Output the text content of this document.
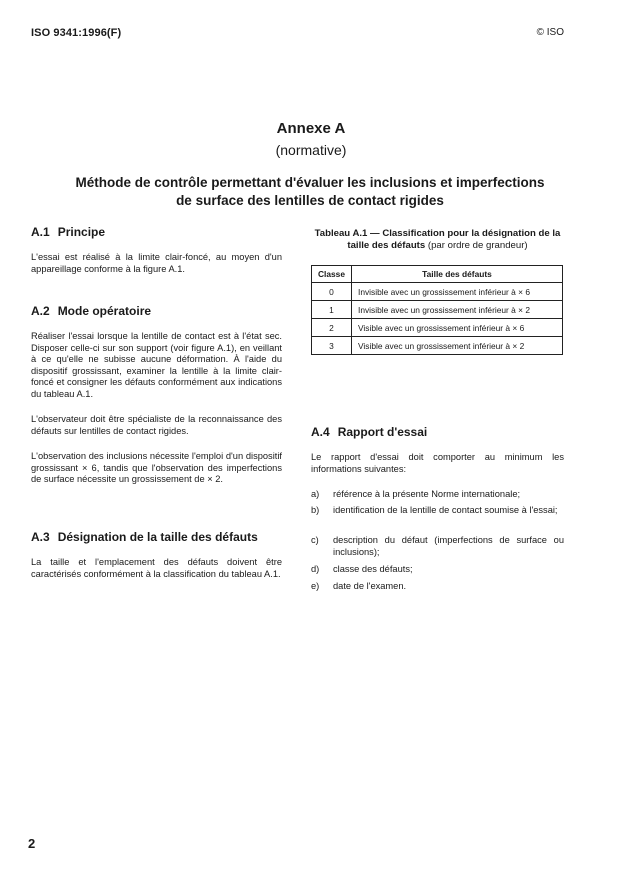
ISO 9341:1996(F)	© ISO
Annexe A
(normative)
Méthode de contrôle permettant d'évaluer les inclusions et imperfections
de surface des lentilles de contact rigides
A.1 Principe
L'essai est réalisé à la limite clair-foncé, au moyen d'un appareillage conforme à la figure A.1.
A.2 Mode opératoire
Réaliser l'essai lorsque la lentille de contact est à l'état sec. Disposer celle-ci sur son support (voir figure A.1), en veillant à ce qu'elle ne subisse aucune déformation. À l'aide du dispositif grossissant, examiner la lentille à la limite clair-foncé et consigner les défauts conformément aux indications du tableau A.1.
L'observateur doit être spécialiste de la reconnaissance des défauts sur lentilles de contact rigides.
L'observation des inclusions nécessite l'emploi d'un dispositif grossissant × 6, tandis que l'observation des imperfections de surface nécessite un grossissement de × 2.
A.3 Désignation de la taille des défauts
La taille et l'emplacement des défauts doivent être caractérisés conformément à la classification du tableau A.1.
Tableau A.1 — Classification pour la désignation de la taille des défauts (par ordre de grandeur)
Classe	Taille des défauts
0	Invisible avec un grossissement inférieur à × 6
1	Invisible avec un grossissement inférieur à × 2
2	Visible avec un grossissement inférieur à × 6
3	Visible avec un grossissement inférieur à × 2
A.4 Rapport d'essai
Le rapport d'essai doit comporter au minimum les informations suivantes:
a)	référence à la présente Norme internationale;
b)	identification de la lentille de contact soumise à l'essai;
c)	description du défaut (imperfections de surface ou inclusions);
d)	classe des défauts;
e)	date de l'examen.
2
